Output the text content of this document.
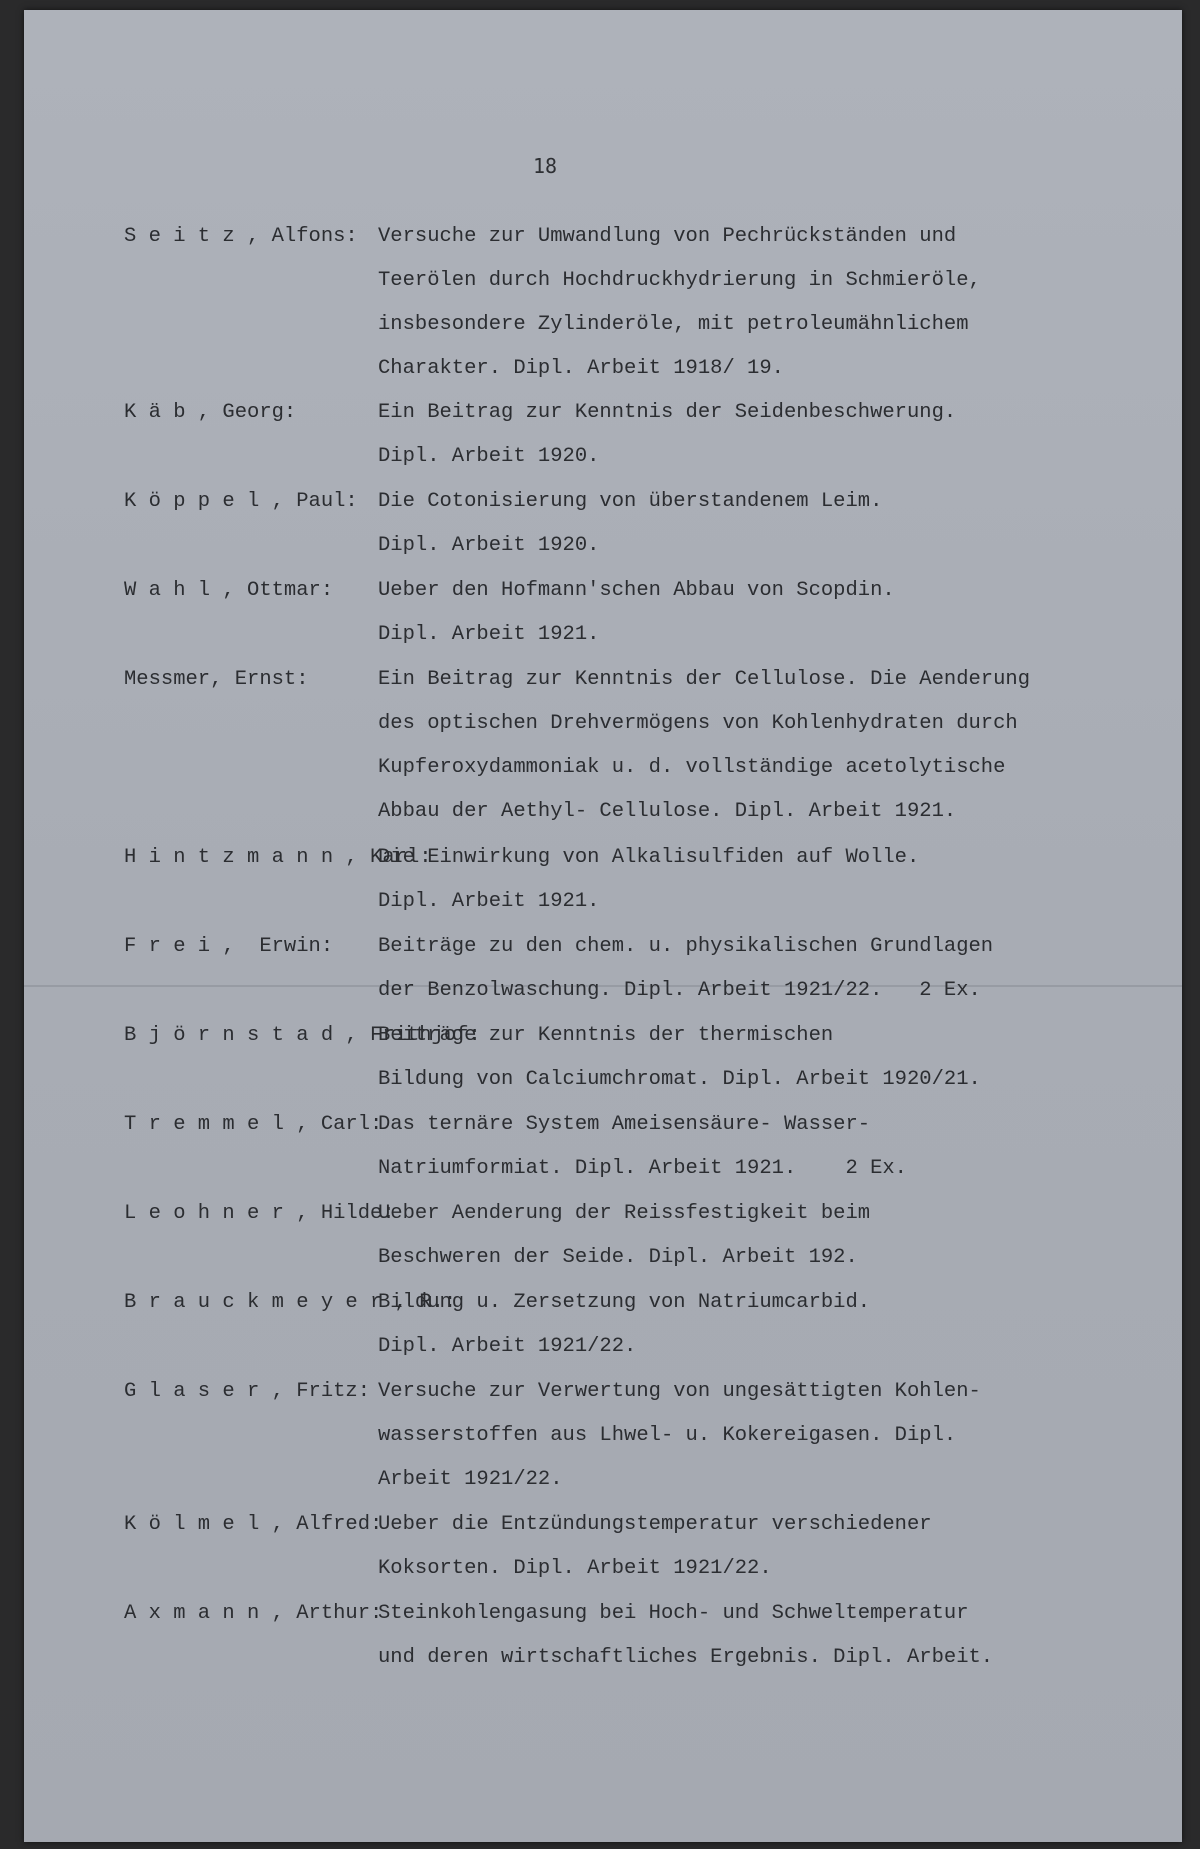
18
S e i t z , Alfons: Versuche zur Umwandlung von Pechrückständen und
Teerölen durch Hochdruckhydrierung in Schmieröle,
insbesondere Zylinderöle, mit petroleumähnlichem
Charakter. Dipl. Arbeit 1918/ 19.
K ä b , Georg:	Ein Beitrag zur Kenntnis der Seidenbeschwerung.
Dipl. Arbeit 1920.
K ö p p e l , Paul: Die Cotonisierung von überstandenem Leim.
Dipl. Arbeit 1920.
W a h l , Ottmar: Ueber den Hofmann'schen Abbau von Scopdin.
Dipl. Arbeit 1921.
Messmer, Ernst:	Ein Beitrag zur Kenntnis der Cellulose. Die Aenderung
des optischen Drehvermögens von Kohlenhydraten durch
Kupferoxydammoniak u. d. vollständige acetolytische
Abbau der Aethyl- Cellulose. Dipl. Arbeit 1921.
H i n t z m a n n , Karl:
Die Einwirkung von Alkalisulfiden auf Wolle.
Dipl. Arbeit 1921.
F r e i ,  Erwin: Beiträge zu den chem. u. physikalischen Grundlagen
der Benzolwaschung. Dipl. Arbeit 1921/22.   2 Ex.
B j ö r n s t a d , Frithjof:
Beiträge zur Kenntnis der thermischen
Bildung von Calciumchromat. Dipl. Arbeit 1920/21.
T r e m m e l , Carl:
Das ternäre System Ameisensäure- Wasser-
Natriumformiat. Dipl. Arbeit 1921.    2 Ex.
L e o h n e r , Hilde:
Ueber Aenderung der Reissfestigkeit beim
Beschweren der Seide. Dipl. Arbeit 192.
B r a u c k m e y e r , R.:
Bildung u. Zersetzung von Natriumcarbid.
Dipl. Arbeit 1921/22.
G l a s e r , Fritz: Versuche zur Verwertung von ungesättigten Kohlen-
wasserstoffen aus Lhwel- u. Kokereigasen. Dipl.
Arbeit 1921/22.
K ö l m e l , Alfred:
Ueber die Entzündungstemperatur verschiedener
Koksorten. Dipl. Arbeit 1921/22.
A x m a n n , Arthur:
Steinkohlengasung bei Hoch- und Schweltemperatur
und deren wirtschaftliches Ergebnis. Dipl. Arbeit.
